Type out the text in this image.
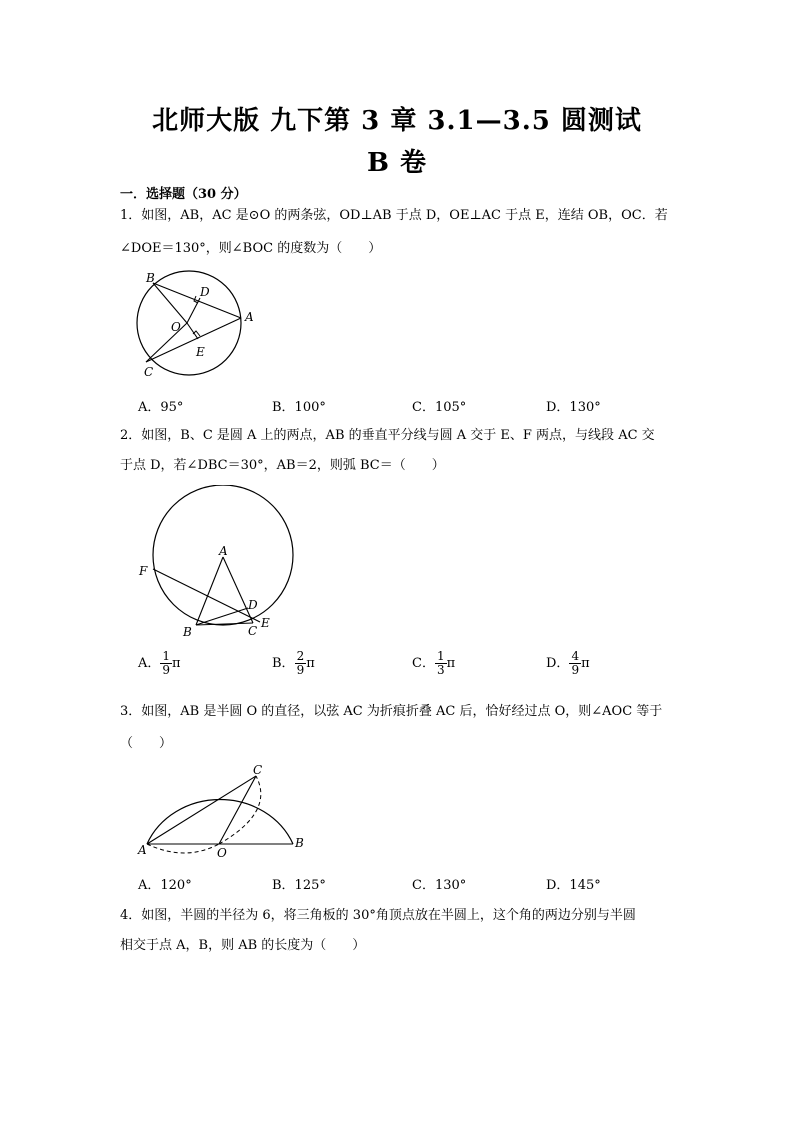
北师大版 九下第 3 章 3.1—3.5 圆测试
B 卷
一．选择题（30 分）
1．如图，AB，AC 是⊙O 的两条弦，OD⊥AB 于点 D，OE⊥AC 于点 E，连结 OB，OC．若
∠DOE＝130°，则∠BOC 的度数为（　　）
B
D
A
O
E
C
A．95°	B．100°	C．105°	D．130°
2．如图，B、C 是圆 A 上的两点，AB 的垂直平分线与圆 A 交于 E、F 两点，与线段 AC 交
于点 D，若∠DBC＝30°，AB＝2，则弧 BC＝（　　）
A
F
D
E
B	C
A． $\frac{1}{9}$ π	B． $\frac{2}{9}$ π	C． $\frac{1}{3}$ π	D． $\frac{4}{9}$ π
3．如图，AB 是半圆 O 的直径，以弦 AC 为折痕折叠 AC 后，恰好经过点 O，则∠AOC 等于
（　　）
C
A	O
B
A．120°	B．125°	C．130°	D．145°
4．如图，半圆的半径为 6，将三角板的 30°角顶点放在半圆上，这个角的两边分别与半圆
相交于点 A，B，则 AB 的长度为（　　）
